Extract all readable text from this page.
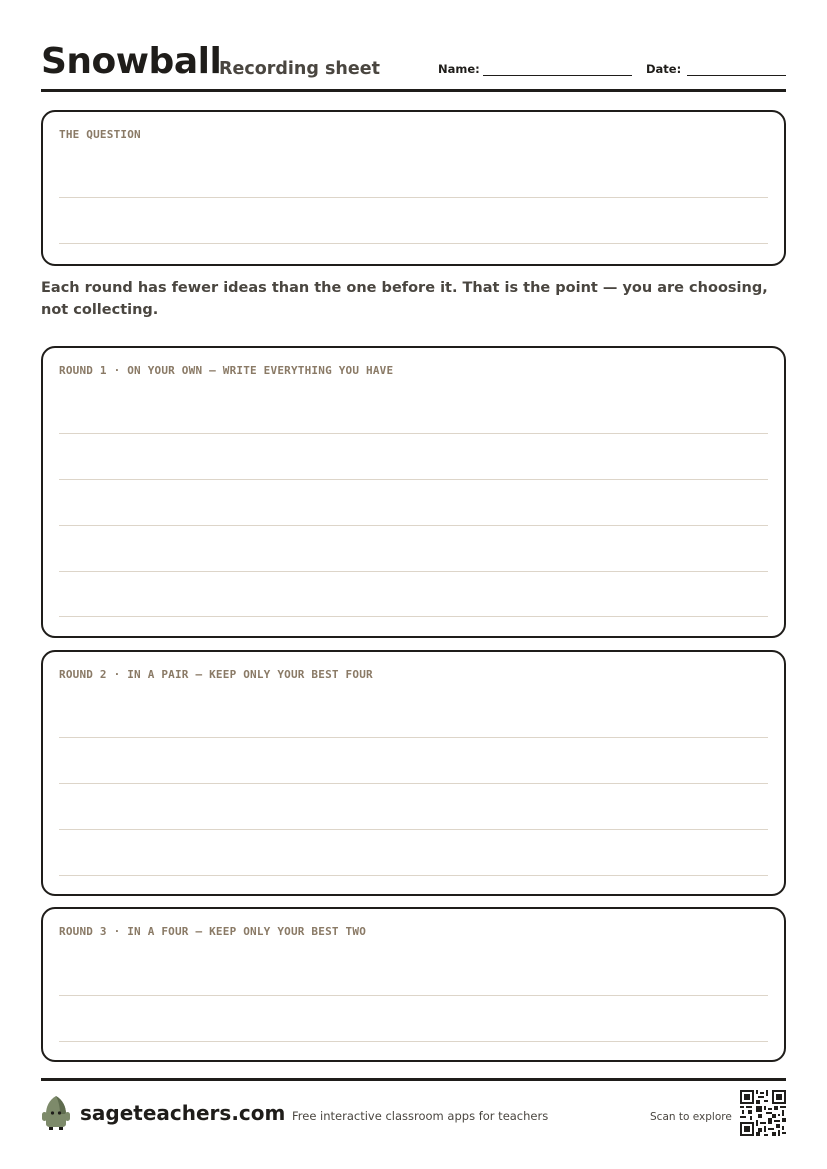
Snowball
Recording sheet	Name:	Date:
THE QUESTION
Each round has fewer ideas than the one before it. That is the point — you are choosing, not collecting.
ROUND 1 · ON YOUR OWN — WRITE EVERYTHING YOU HAVE
ROUND 2 · IN A PAIR — KEEP ONLY YOUR BEST FOUR
ROUND 3 · IN A FOUR — KEEP ONLY YOUR BEST TWO
sageteachers.com Free interactive classroom apps for teachers	Scan to explore
